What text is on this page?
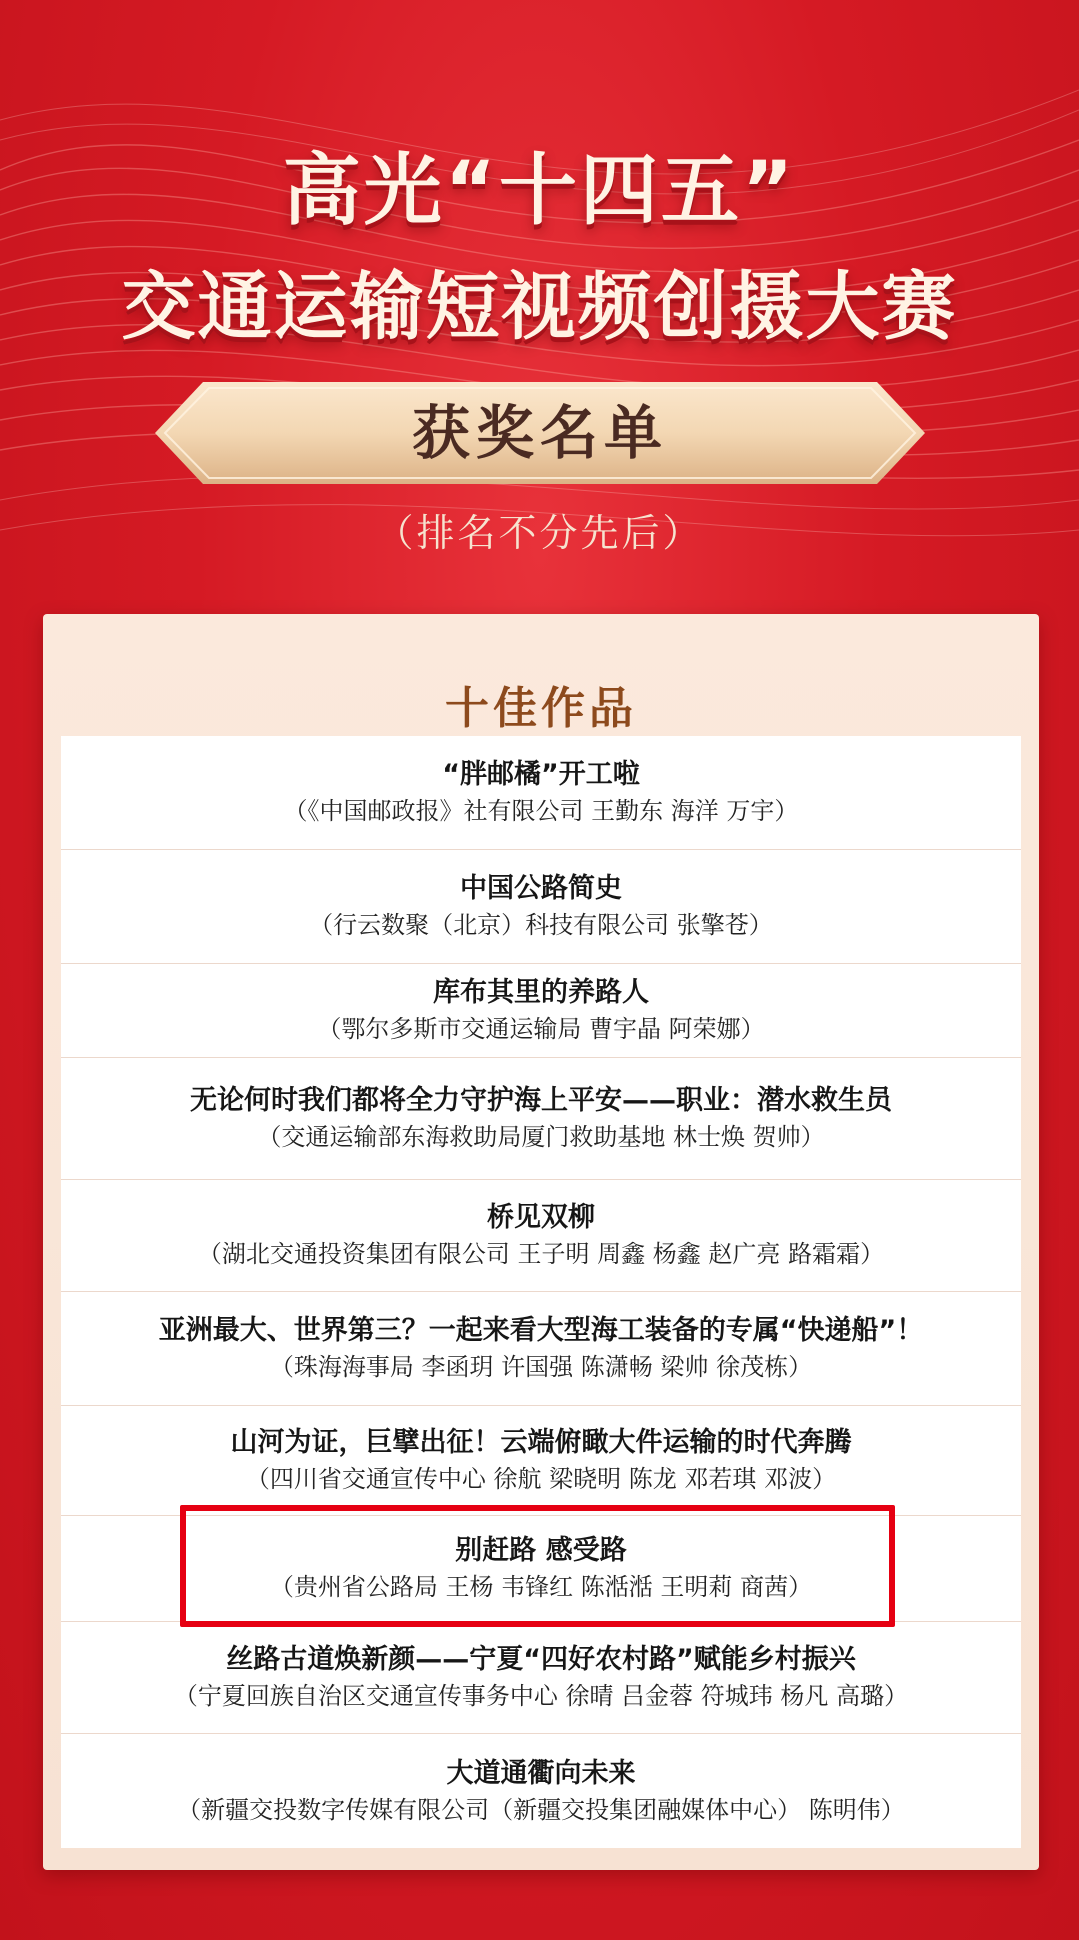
高光“十四五”
交通运输短视频创摄大赛
获奖名单
（排名不分先后）
十佳作品
“胖邮橘”开工啦
（《中国邮政报》社有限公司 王勤东 海洋 万宇）
中国公路简史
（行云数聚（北京）科技有限公司 张擎苍）
库布其里的养路人
（鄂尔多斯市交通运输局 曹宇晶 阿荣娜）
无论何时我们都将全力守护海上平安——职业：潜水救生员
（交通运输部东海救助局厦门救助基地 林士焕 贺帅）
桥见双柳
（湖北交通投资集团有限公司 王子明 周鑫 杨鑫 赵广亮 路霜霜）
亚洲最大、世界第三？一起来看大型海工装备的专属“快递船”！
（珠海海事局 李函玥 许国强 陈潇畅 梁帅 徐茂栋）
山河为证，巨擘出征！云端俯瞰大件运输的时代奔腾
（四川省交通宣传中心 徐航 梁晓明 陈龙 邓若琪 邓波）
别赶路 感受路
（贵州省公路局 王杨 韦锋红 陈湉湉 王明莉 商茜）
丝路古道焕新颜——宁夏“四好农村路”赋能乡村振兴
（宁夏回族自治区交通宣传事务中心 徐晴 吕金蓉 符城玮 杨凡 高璐）
大道通衢向未来
（新疆交投数字传媒有限公司（新疆交投集团融媒体中心） 陈明伟）
